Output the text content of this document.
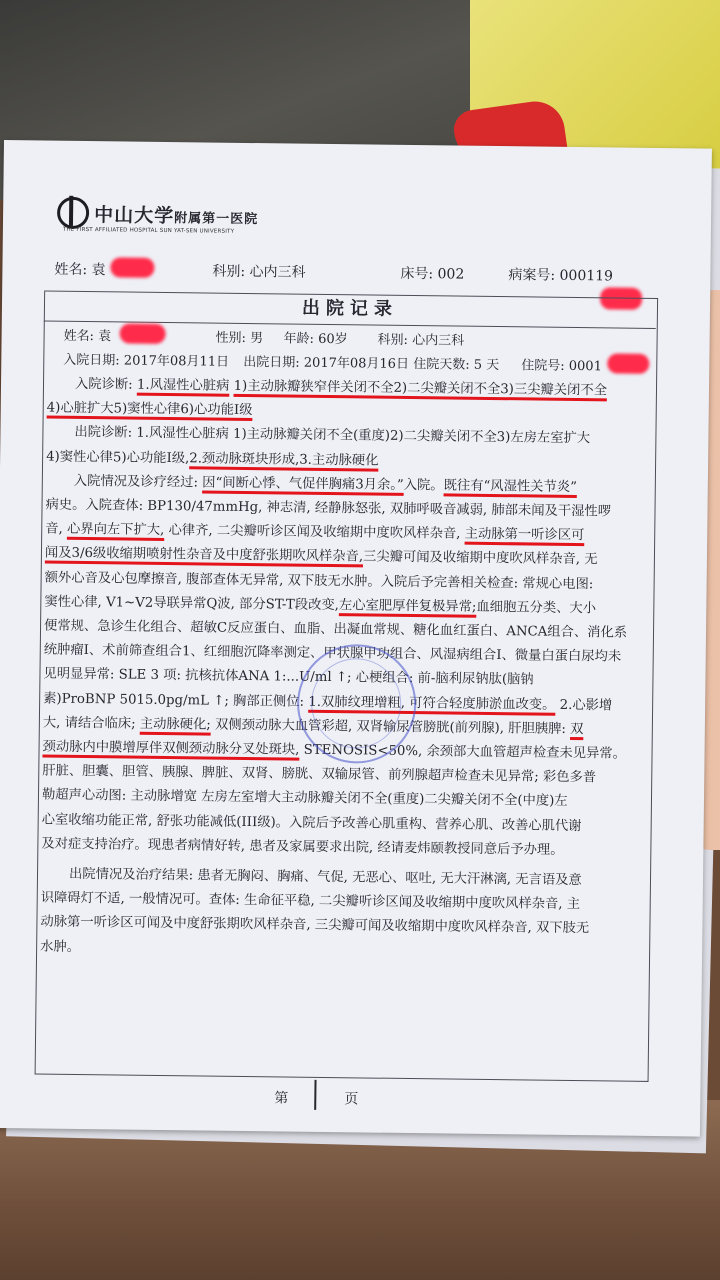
中山大学附属第一医院
THE FIRST AFFILIATED HOSPITAL SUN YAT-SEN UNIVERSITY
姓名: 袁	科别: 心内三科	床号: 002	病案号: 000119
出院记录
姓名: 袁	性别: 男 年龄: 60岁 科别: 心内三科
入院日期: 2017年08月11日 出院日期: 2017年08月16日 住院天数: 5 天 住院号: 0001

入院诊断: 1.风湿性心脏病 1)主动脉瓣狭窄伴关闭不全2)二尖瓣关闭不全3)三尖瓣关闭不全

4)心脏扩大5)窦性心律6)心功能I级

出院诊断: 1.风湿性心脏病 1)主动脉瓣关闭不全(重度)2)二尖瓣关闭不全3)左房左室扩大

4)窦性心律5)心功能I级,2.颈动脉斑块形成,3.主动脉硬化

入院情况及诊疗经过: 因“间断心悸、气促伴胸痛3月余。”入院。既往有“风湿性关节炎”

病史。入院查体: BP130/47mmHg, 神志清, 经静脉怒张, 双肺呼吸音减弱, 肺部未闻及干湿性啰

音, 心界向左下扩大, 心律齐, 二尖瓣听诊区闻及收缩期中度吹风样杂音, 主动脉第一听诊区可

闻及3/6级收缩期喷射性杂音及中度舒张期吹风样杂音,三尖瓣可闻及收缩期中度吹风样杂音, 无

额外心音及心包摩擦音, 腹部查体无异常, 双下肢无水肿。入院后予完善相关检查: 常规心电图:

窦性心律, V1~V2导联异常Q波, 部分ST-T段改变,左心室肥厚伴复极异常;血细胞五分类、大小

便常规、急诊生化组合、超敏C反应蛋白、血脂、出凝血常规、糖化血红蛋白、ANCA组合、消化系

统肿瘤I、术前筛查组合1、红细胞沉降率测定、甲状腺甲功组合、风湿病组合I、微量白蛋白尿均未

见明显异常: SLE 3 项: 抗核抗体ANA 1:...U/ml ↑; 心梗组合: 前-脑利尿钠肽(脑钠

素)ProBNP 5015.0pg/mL ↑; 胸部正侧位: 1.双肺纹理增粗, 可符合轻度肺淤血改变。 2.心影增

大, 请结合临床; 主动脉硬化; 双侧颈动脉大血管彩超, 双肾输尿管膀胱(前列腺), 肝胆胰脾: 双

颈动脉内中膜增厚伴双侧颈动脉分叉处斑块, STENOSIS<50%, 余颈部大血管超声检查未见异常。

肝脏、胆囊、胆管、胰腺、脾脏、双肾、膀胱、双输尿管、前列腺超声检查未见异常; 彩色多普

勒超声心动图: 主动脉增宽 左房左室增大主动脉瓣关闭不全(重度)二尖瓣关闭不全(中度)左

心室收缩功能正常, 舒张功能减低(III级)。入院后予改善心肌重构、营养心肌、改善心肌代谢

及对症支持治疗。现患者病情好转, 患者及家属要求出院, 经请麦炜颐教授同意后予办理。

出院情况及治疗结果: 患者无胸闷、胸痛、气促, 无恶心、呕吐, 无大汗淋漓, 无言语及意

识障碍灯不适, 一般情况可。查体: 生命征平稳, 二尖瓣听诊区闻及收缩期中度吹风样杂音, 主

动脉第一听诊区可闻及中度舒张期吹风样杂音, 三尖瓣可闻及收缩期中度吹风样杂音, 双下肢无

水肿。

第	页
